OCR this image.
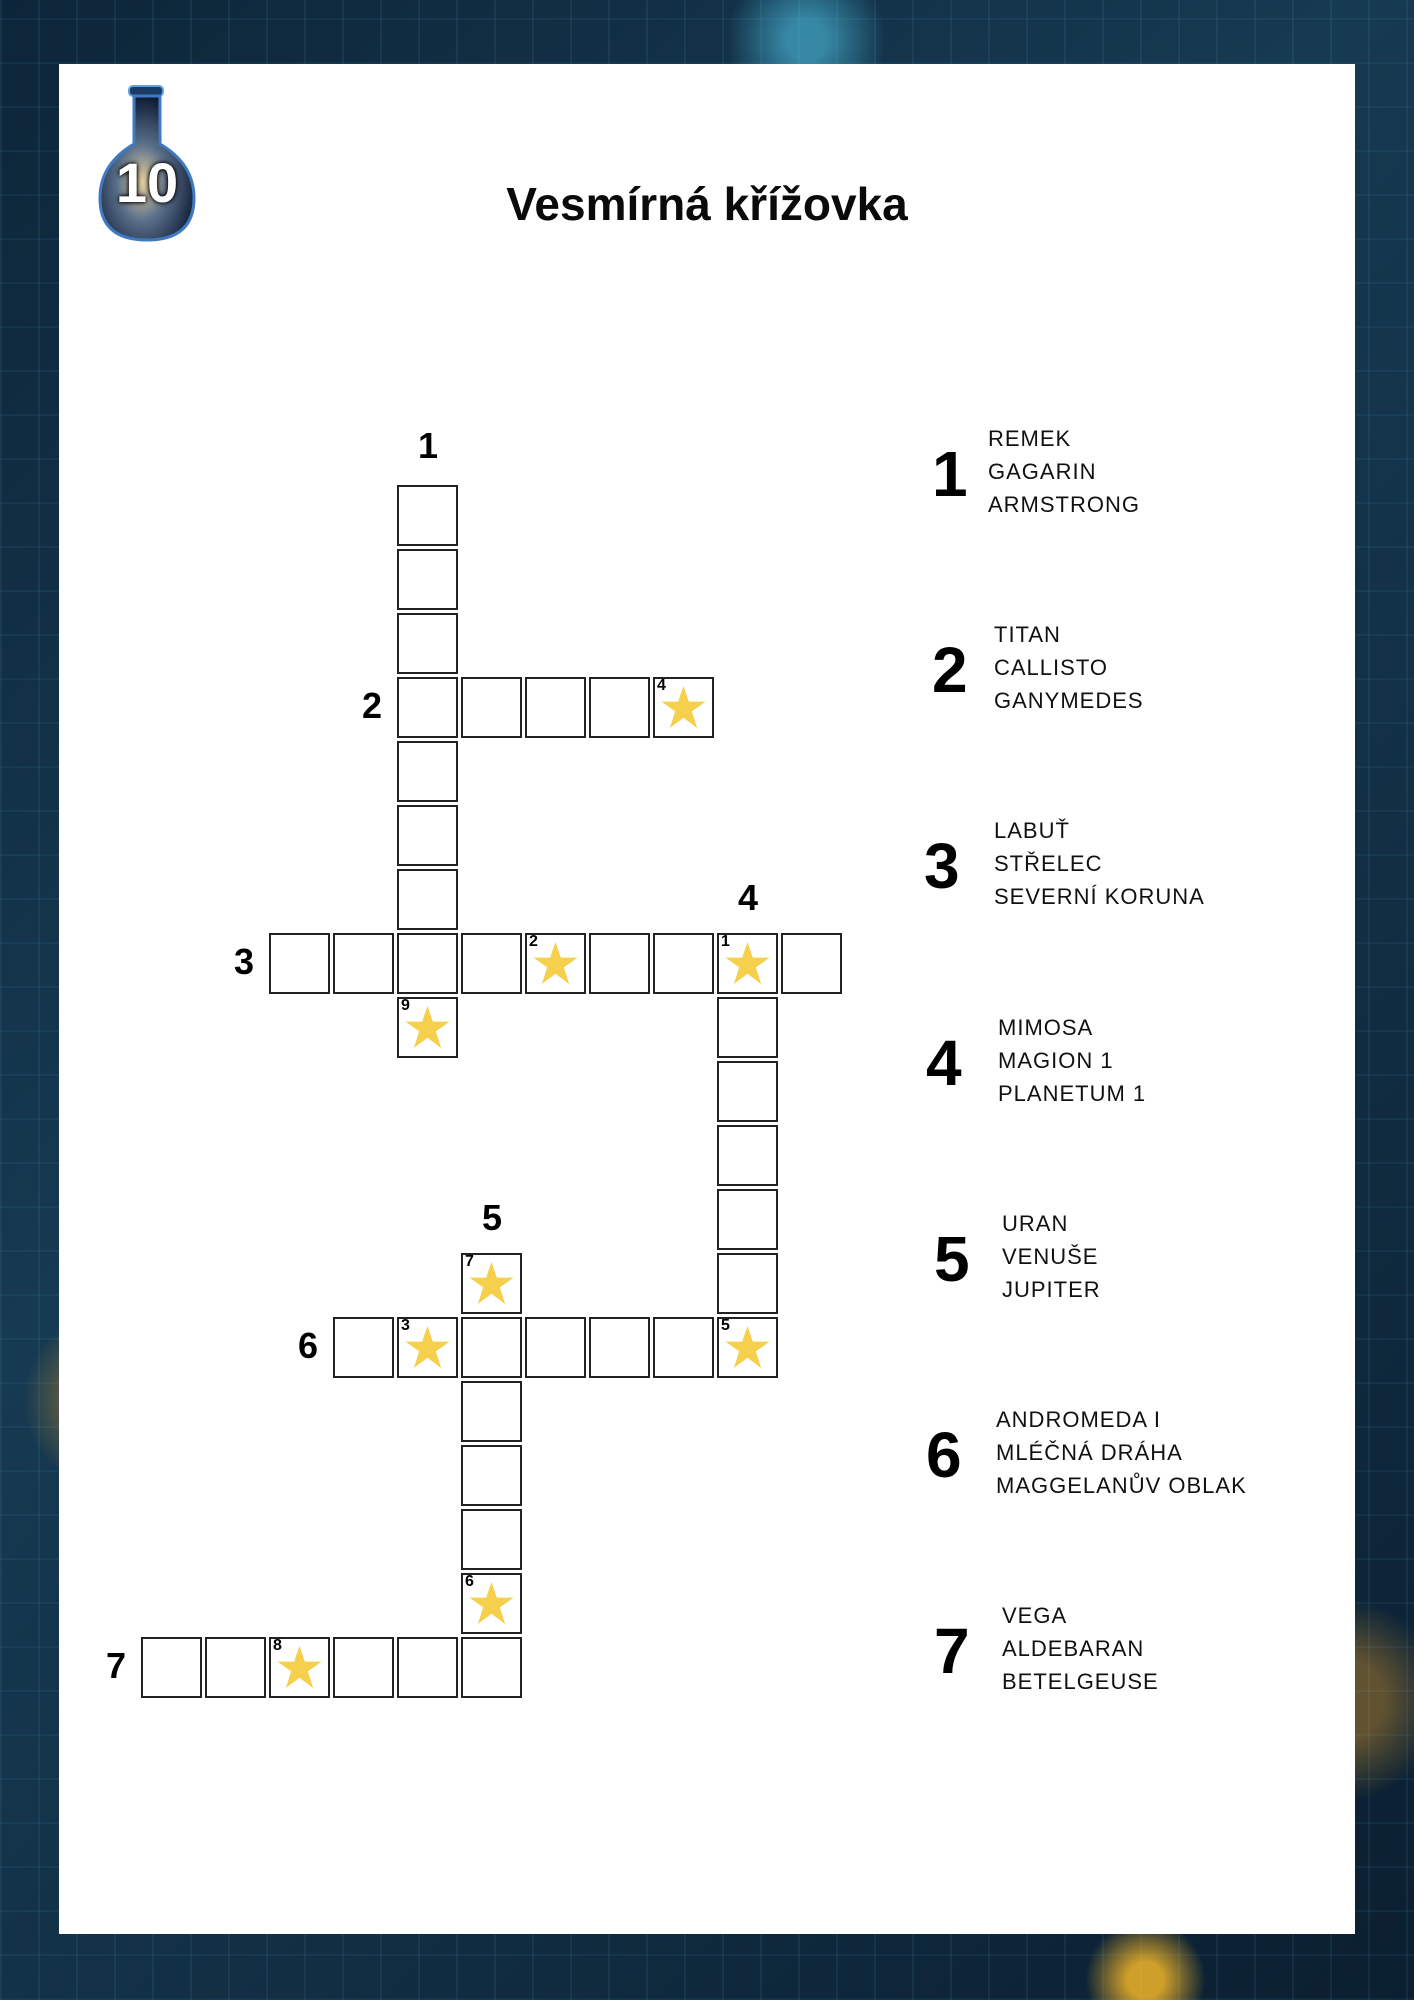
10	Vesmírná křížovka
9
4
2	1
3	5
7
6
8
1
2
3
4
5
6
7
1 REMEK
GAGARIN
ARMSTRONG
2 TITAN
CALLISTO
GANYMEDES
3 LABUŤ
STŘELEC
SEVERNÍ KORUNA
4 MIMOSA
MAGION 1
PLANETUM 1
5 URAN
VENUŠE
JUPITER
6 ANDROMEDA I
MLÉČNÁ DRÁHA
MAGGELANŮV OBLAK
7 VEGA
ALDEBARAN
BETELGEUSE
